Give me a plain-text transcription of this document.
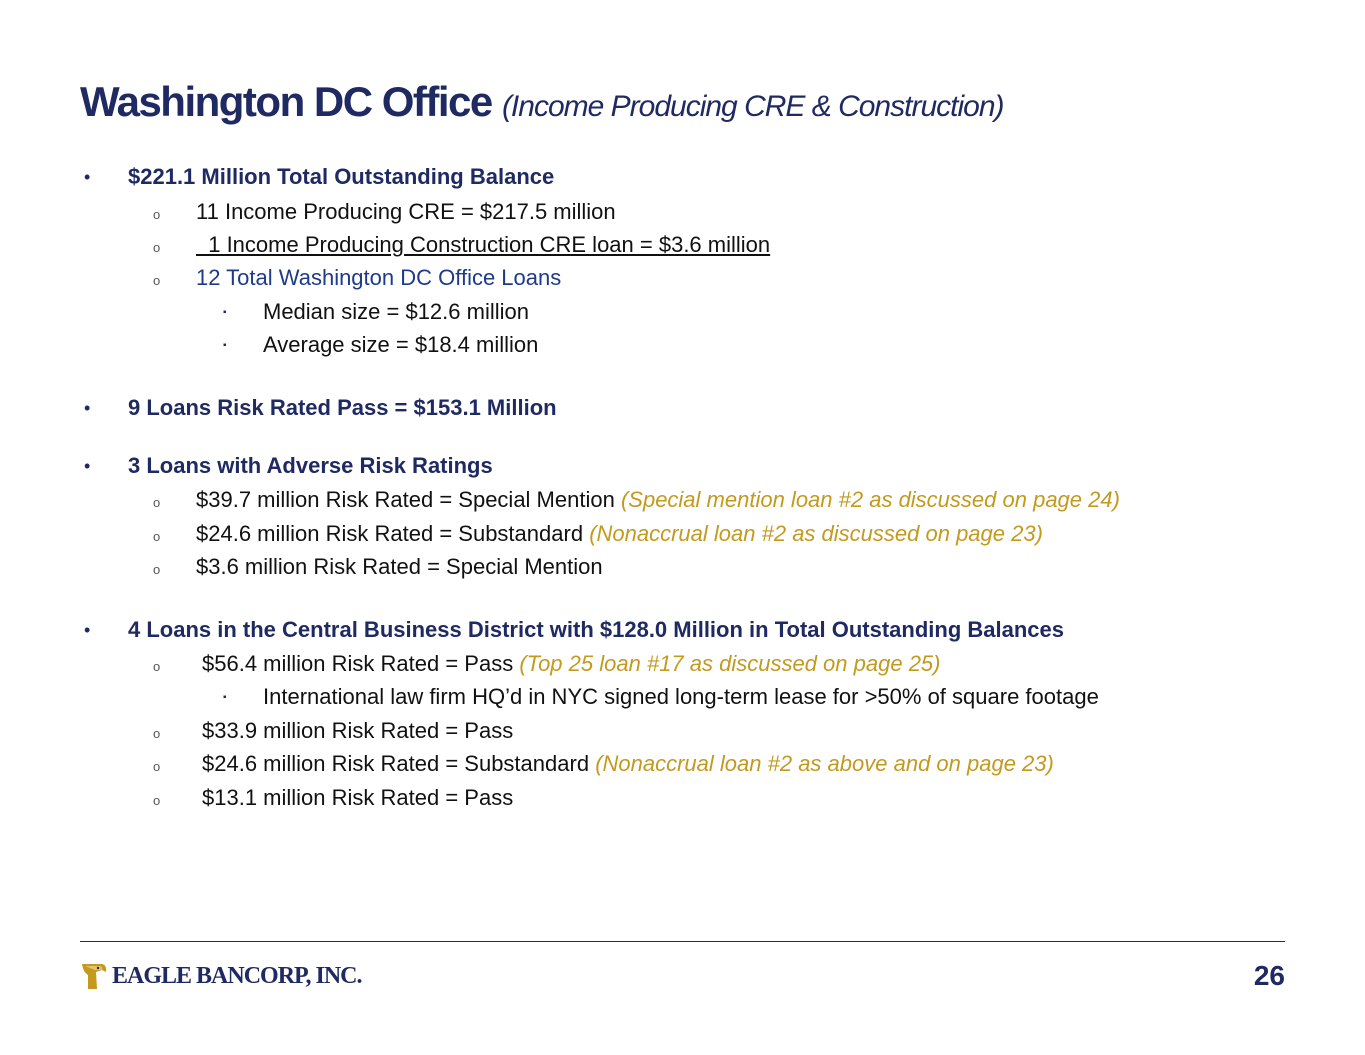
Washington DC Office (Income Producing CRE & Construction)
• $221.1 Million Total Outstanding Balance
o 11 Income Producing CRE = $217.5 million
o 1 Income Producing Construction CRE loan = $3.6 million
o 12 Total Washington DC Office Loans
▪ Median size = $12.6 million
▪ Average size = $18.4 million
• 9 Loans Risk Rated Pass = $153.1 Million
• 3 Loans with Adverse Risk Ratings
o $39.7 million Risk Rated = Special Mention (Special mention loan #2 as discussed on page 24)
o $24.6 million Risk Rated = Substandard (Nonaccrual loan #2 as discussed on page 23)
o $3.6 million Risk Rated = Special Mention
• 4 Loans in the Central Business District with $128.0 Million in Total Outstanding Balances
o $56.4 million Risk Rated = Pass (Top 25 loan #17 as discussed on page 25)
▪ International law firm HQ’d in NYC signed long-term lease for >50% of square footage
o $33.9 million Risk Rated = Pass
o $24.6 million Risk Rated = Substandard (Nonaccrual loan #2 as above and on page 23)
o $13.1 million Risk Rated = Pass
EAGLE BANCORP, INC.	26
